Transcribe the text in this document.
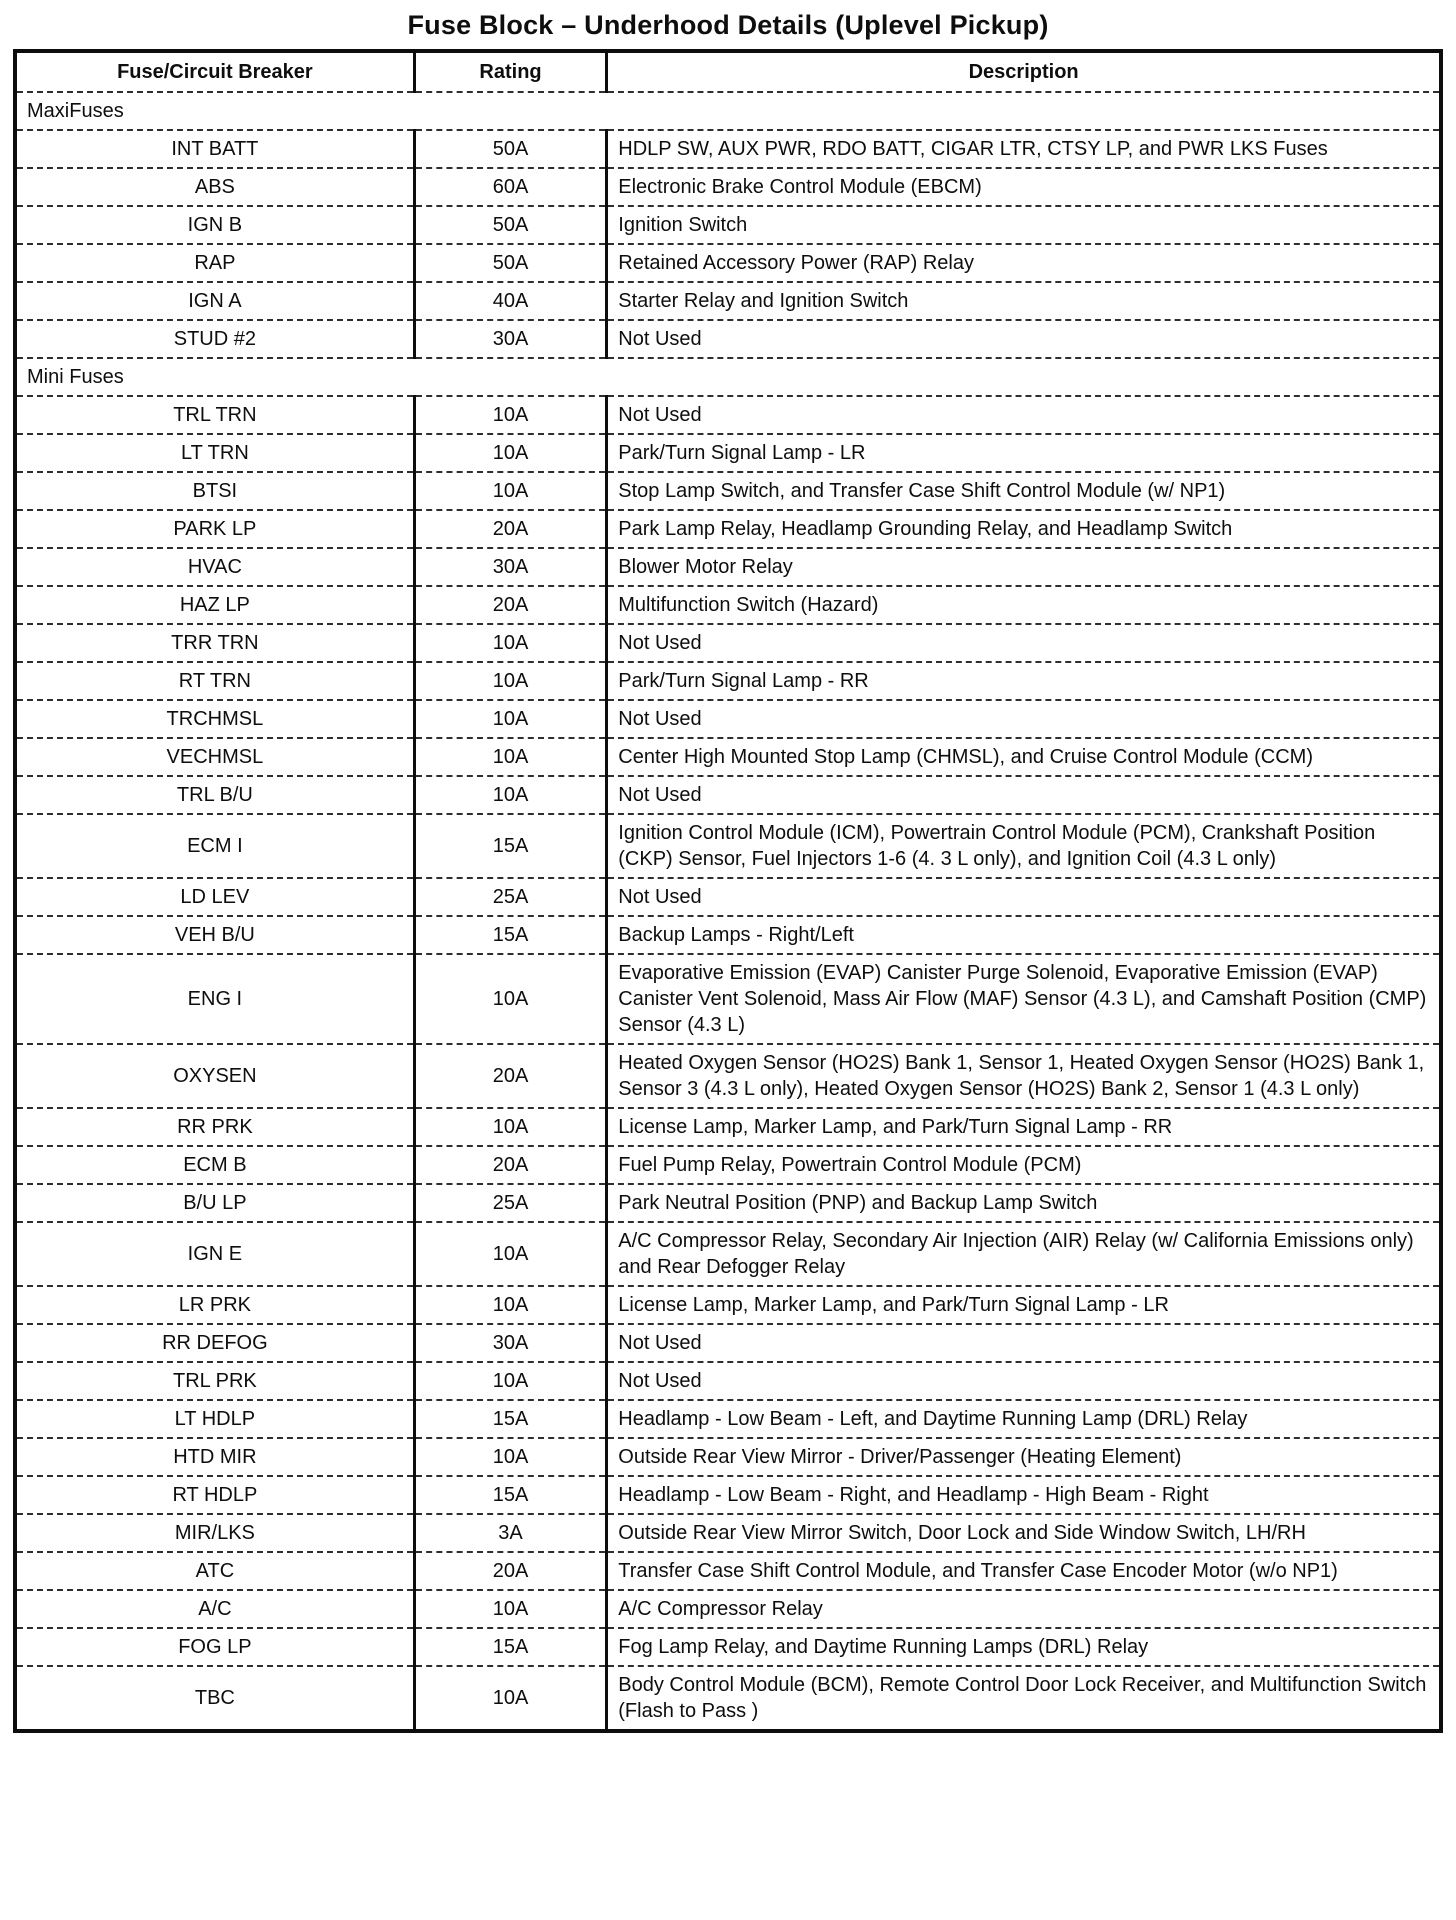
Fuse Block – Underhood Details (Uplevel Pickup)
Fuse/Circuit Breaker	Rating	Description
MaxiFuses		
INT BATT	50A	HDLP SW, AUX PWR, RDO BATT, CIGAR LTR, CTSY LP, and PWR LKS Fuses
ABS	60A	Electronic Brake Control Module (EBCM)
IGN B	50A	Ignition Switch
RAP	50A	Retained Accessory Power (RAP) Relay
IGN A	40A	Starter Relay and Ignition Switch
STUD #2	30A	Not Used
Mini Fuses		
TRL TRN	10A	Not Used
LT TRN	10A	Park/Turn Signal Lamp - LR
BTSI	10A	Stop Lamp Switch, and Transfer Case Shift Control Module (w/ NP1)
PARK LP	20A	Park Lamp Relay, Headlamp Grounding Relay, and Headlamp Switch
HVAC	30A	Blower Motor Relay
HAZ LP	20A	Multifunction Switch (Hazard)
TRR TRN	10A	Not Used
RT TRN	10A	Park/Turn Signal Lamp - RR
TRCHMSL	10A	Not Used
VECHMSL	10A	Center High Mounted Stop Lamp (CHMSL), and Cruise Control Module (CCM)
TRL B/U	10A	Not Used
ECM I	15A	Ignition Control Module (ICM), Powertrain Control Module (PCM), Crankshaft Position (CKP) Sensor, Fuel Injectors 1-6 (4. 3 L only), and Ignition Coil (4.3 L only)
LD LEV	25A	Not Used
VEH B/U	15A	Backup Lamps - Right/Left
ENG I	10A	Evaporative Emission (EVAP) Canister Purge Solenoid, Evaporative Emission (EVAP) Canister Vent Solenoid, Mass Air Flow (MAF) Sensor (4.3 L), and Camshaft Position (CMP) Sensor (4.3 L)
OXYSEN	20A	Heated Oxygen Sensor (HO2S) Bank 1, Sensor 1, Heated Oxygen Sensor (HO2S) Bank 1, Sensor 3 (4.3 L only), Heated Oxygen Sensor (HO2S) Bank 2, Sensor 1 (4.3 L only)
RR PRK	10A	License Lamp, Marker Lamp, and Park/Turn Signal Lamp - RR
ECM B	20A	Fuel Pump Relay, Powertrain Control Module (PCM)
B/U LP	25A	Park Neutral Position (PNP) and Backup Lamp Switch
IGN E	10A	A/C Compressor Relay, Secondary Air Injection (AIR) Relay (w/ California Emissions only) and Rear Defogger Relay
LR PRK	10A	License Lamp, Marker Lamp, and Park/Turn Signal Lamp - LR
RR DEFOG	30A	Not Used
TRL PRK	10A	Not Used
LT HDLP	15A	Headlamp - Low Beam - Left, and Daytime Running Lamp (DRL) Relay
HTD MIR	10A	Outside Rear View Mirror - Driver/Passenger (Heating Element)
RT HDLP	15A	Headlamp - Low Beam - Right, and Headlamp - High Beam - Right
MIR/LKS	3A	Outside Rear View Mirror Switch, Door Lock and Side Window Switch, LH/RH
ATC	20A	Transfer Case Shift Control Module, and Transfer Case Encoder Motor (w/o NP1)
A/C	10A	A/C Compressor Relay
FOG LP	15A	Fog Lamp Relay, and Daytime Running Lamps (DRL) Relay
TBC	10A	Body Control Module (BCM), Remote Control Door Lock Receiver, and Multifunction Switch (Flash to Pass )
